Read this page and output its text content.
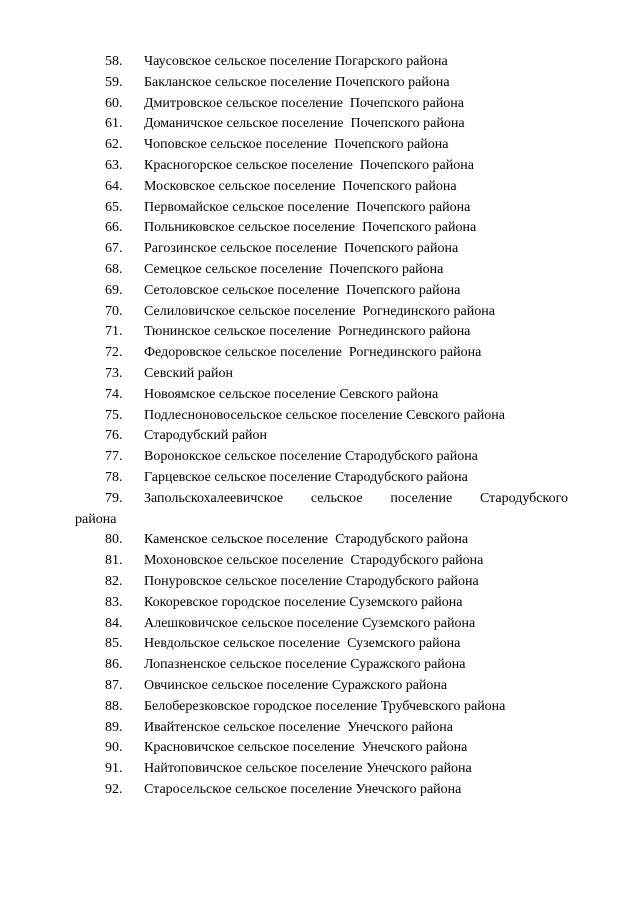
58. Чаусовское сельское поселение Погарского района
59. Бакланское сельское поселение Почепского района
60. Дмитровское сельское поселение  Почепского района
61. Доманичское сельское поселение  Почепского района
62. Чоповское сельское поселение  Почепского района
63. Красногорское сельское поселение  Почепского района
64. Московское сельское поселение  Почепского района
65. Первомайское сельское поселение  Почепского района
66. Польниковское сельское поселение  Почепского района
67. Рагозинское сельское поселение  Почепского района
68. Семецкое сельское поселение  Почепского района
69. Сетоловское сельское поселение  Почепского района
70. Селиловичское сельское поселение  Рогнединского района
71. Тюнинское сельское поселение  Рогнединского района
72. Федоровское сельское поселение  Рогнединского района
73. Севский район
74. Новоямское сельское поселение Севского района
75. Подлесноновосельское сельское поселение Севского района
76. Стародубский район
77. Воронокское сельское поселение Стародубского района
78. Гарцевское сельское поселение Стародубского района
79. Запольскохалеевичское сельское поселение Стародубского
района
80. Каменское сельское поселение  Стародубского района
81. Мохоновское сельское поселение  Стародубского района
82. Понуровское сельское поселение Стародубского района
83. Кокоревское городское поселение Суземского района
84. Алешковичское сельское поселение Суземского района
85. Невдольское сельское поселение  Суземского района
86. Лопазненское сельское поселение Суражского района
87. Овчинское сельское поселение Суражского района
88. Белоберезковское городское поселение Трубчевского района
89. Ивайтенское сельское поселение  Унечского района
90. Красновичское сельское поселение  Унечского района
91. Найтоповичское сельское поселение Унечского района
92. Старосельское сельское поселение Унечского района
